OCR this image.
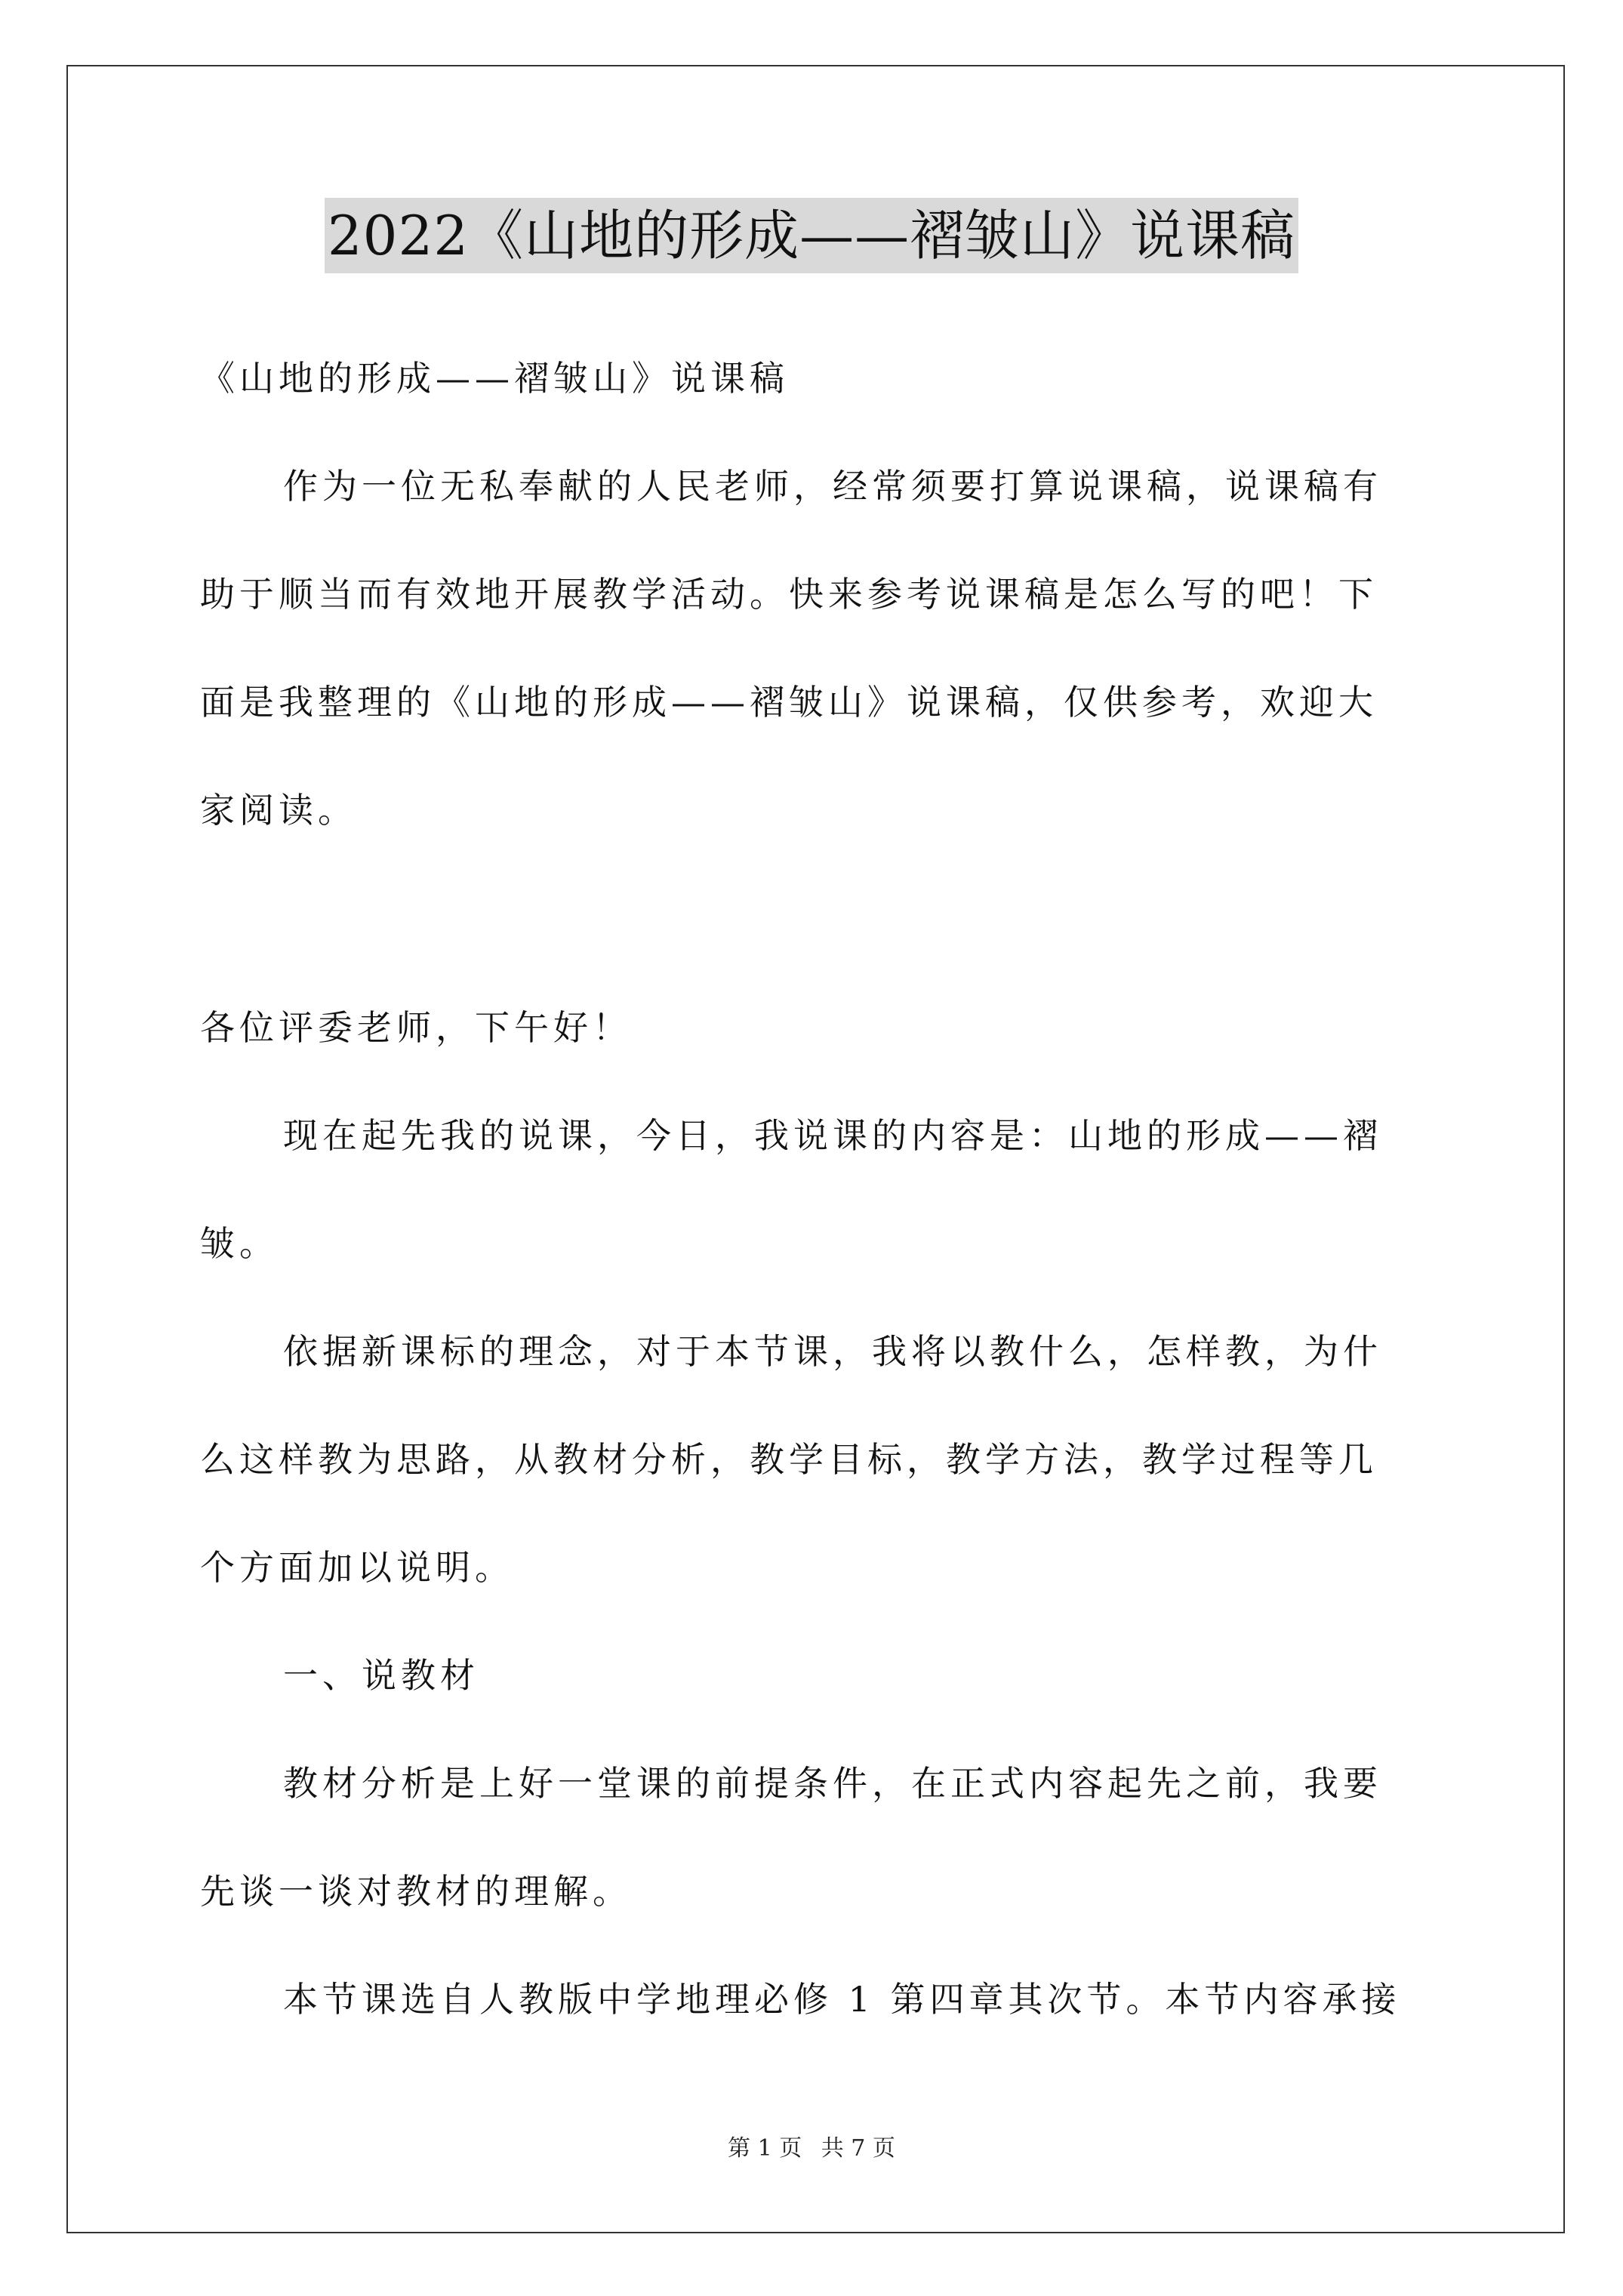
2022《山地的形成——褶皱山》说课稿

《山地的形成——褶皱山》说课稿

作为一位无私奉献的人民老师，经常须要打算说课稿，说课稿有
助于顺当而有效地开展教学活动。快来参考说课稿是怎么写的吧！下
面是我整理的《山地的形成——褶皱山》说课稿，仅供参考，欢迎大
家阅读。

各位评委老师，下午好！

现在起先我的说课，今日，我说课的内容是：山地的形成——褶
皱。

依据新课标的理念，对于本节课，我将以教什么，怎样教，为什
么这样教为思路，从教材分析，教学目标，教学方法，教学过程等几
个方面加以说明。

一、说教材

教材分析是上好一堂课的前提条件，在正式内容起先之前，我要
先谈一谈对教材的理解。

本节课选自人教版中学地理必修 1 第四章其次节。本节内容承接

第 1 页 共 7 页
